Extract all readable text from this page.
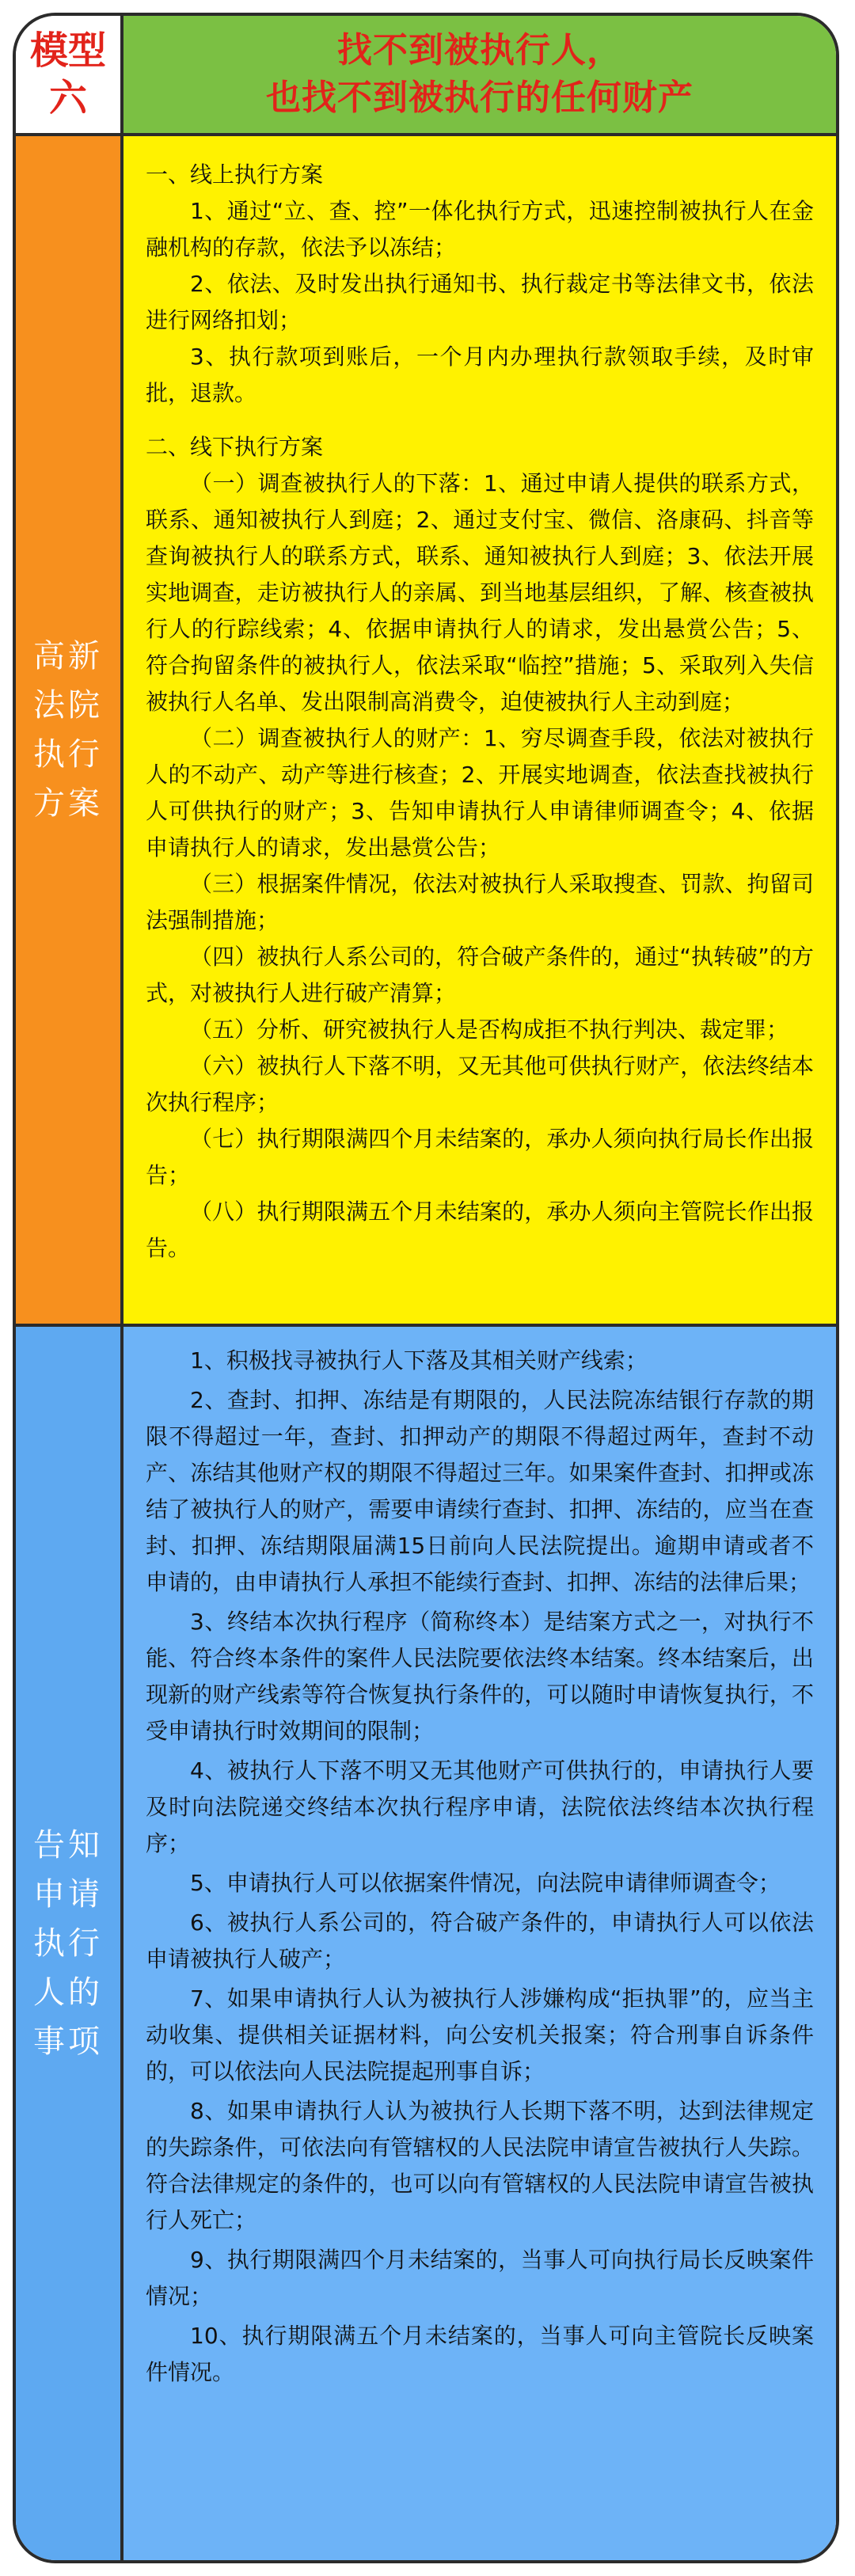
模型
六
找不到被执行人，
也找不到被执行的任何财产
高新
法院
执行
方案

一、线上执行方案

1、通过“立、查、控”一体化执行方式，迅速控制被执行人在金融机构的存款，依法予以冻结；

2、依法、及时发出执行通知书、执行裁定书等法律文书，依法进行网络扣划；

3、执行款项到账后，一个月内办理执行款领取手续，及时审批，退款。

二、线下执行方案

（一）调查被执行人的下落：1、通过申请人提供的联系方式，联系、通知被执行人到庭；2、通过支付宝、微信、洛康码、抖音等查询被执行人的联系方式，联系、通知被执行人到庭；3、依法开展实地调查，走访被执行人的亲属、到当地基层组织，了解、核查被执行人的行踪线索；4、依据申请执行人的请求，发出悬赏公告；5、符合拘留条件的被执行人，依法采取“临控”措施；5、采取列入失信被执行人名单、发出限制高消费令，迫使被执行人主动到庭；

（二）调查被执行人的财产：1、穷尽调查手段，依法对被执行人的不动产、动产等进行核查；2、开展实地调查，依法查找被执行人可供执行的财产；3、告知申请执行人申请律师调查令；4、依据申请执行人的请求，发出悬赏公告；

（三）根据案件情况，依法对被执行人采取搜查、罚款、拘留司法强制措施；

（四）被执行人系公司的，符合破产条件的，通过“执转破”的方式，对被执行人进行破产清算；

（五）分析、研究被执行人是否构成拒不执行判决、裁定罪；

（六）被执行人下落不明，又无其他可供执行财产，依法终结本次执行程序；

（七）执行期限满四个月未结案的，承办人须向执行局长作出报告；

（八）执行期限满五个月未结案的，承办人须向主管院长作出报告。

告知
申请
执行
人的
事项

1、积极找寻被执行人下落及其相关财产线索；

2、查封、扣押、冻结是有期限的，人民法院冻结银行存款的期限不得超过一年，查封、扣押动产的期限不得超过两年，查封不动产、冻结其他财产权的期限不得超过三年。如果案件查封、扣押或冻结了被执行人的财产，需要申请续行查封、扣押、冻结的，应当在查封、扣押、冻结期限届满15日前向人民法院提出。逾期申请或者不申请的，由申请执行人承担不能续行查封、扣押、冻结的法律后果；

3、终结本次执行程序（简称终本）是结案方式之一，对执行不能、符合终本条件的案件人民法院要依法终本结案。终本结案后，出现新的财产线索等符合恢复执行条件的，可以随时申请恢复执行，不受申请执行时效期间的限制；

4、被执行人下落不明又无其他财产可供执行的，申请执行人要及时向法院递交终结本次执行程序申请，法院依法终结本次执行程序；

5、申请执行人可以依据案件情况，向法院申请律师调查令；

6、被执行人系公司的，符合破产条件的，申请执行人可以依法申请被执行人破产；

7、如果申请执行人认为被执行人涉嫌构成“拒执罪”的，应当主动收集、提供相关证据材料，向公安机关报案；符合刑事自诉条件的，可以依法向人民法院提起刑事自诉；

8、如果申请执行人认为被执行人长期下落不明，达到法律规定的失踪条件，可依法向有管辖权的人民法院申请宣告被执行人失踪。符合法律规定的条件的，也可以向有管辖权的人民法院申请宣告被执行人死亡；

9、执行期限满四个月未结案的，当事人可向执行局长反映案件情况；

10、执行期限满五个月未结案的，当事人可向主管院长反映案件情况。
